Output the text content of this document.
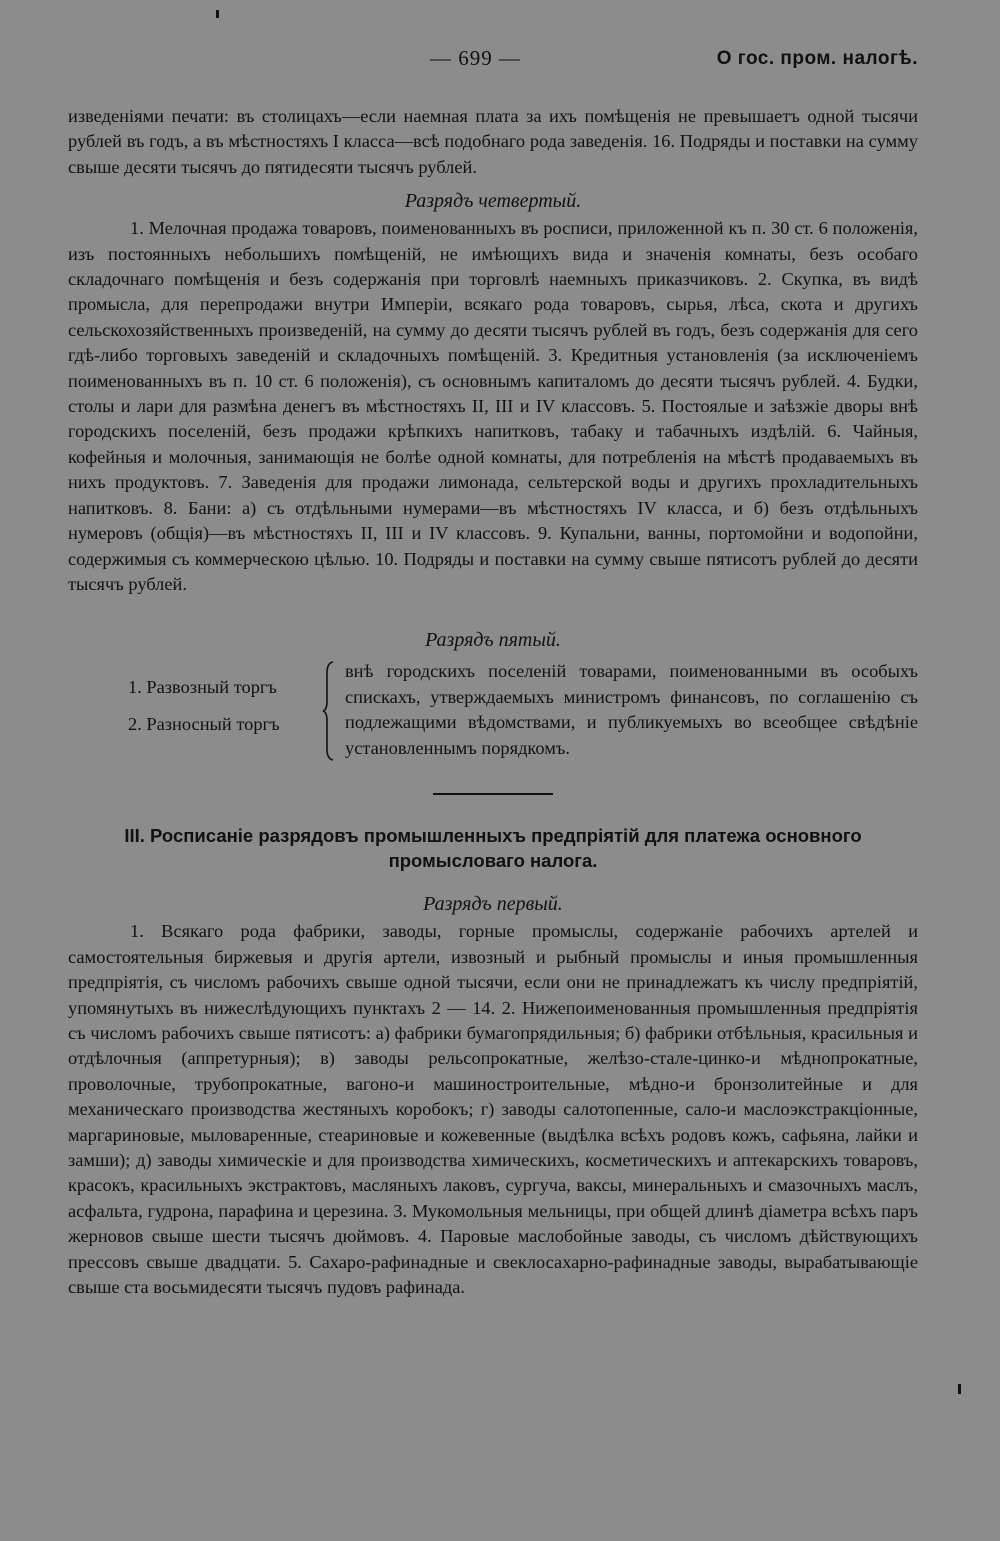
— 699 —	О гос. пром. налогѣ.

изведеніями печати: въ столицахъ—если наемная плата за ихъ помѣщенія не превышаетъ одной тысячи рублей въ годъ, а въ мѣстностяхъ I класса—всѣ подобнаго рода заведенія. 16. Подряды и поставки на сумму свыше десяти тысячъ до пятидесяти тысячъ рублей.

Разрядъ четвертый.

1. Мелочная продажа товаровъ, поименованныхъ въ росписи, приложенной къ п. 30 ст. 6 положенія, изъ постоянныхъ небольшихъ помѣщеній, не имѣющихъ вида и значенія комнаты, безъ особаго складочнаго помѣщенія и безъ содержанія при торговлѣ наемныхъ приказчиковъ. 2. Скупка, въ видѣ промысла, для перепродажи внутри Имперіи, всякаго рода товаровъ, сырья, лѣса, скота и другихъ сельскохозяйственныхъ произведеній, на сумму до десяти тысячъ рублей въ годъ, безъ содержанія для сего гдѣ-либо торговыхъ заведеній и складочныхъ помѣщеній. 3. Кредитныя установленія (за исключеніемъ поименованныхъ въ п. 10 ст. 6 положенія), съ основнымъ капиталомъ до десяти тысячъ рублей. 4. Будки, столы и лари для размѣна денегъ въ мѣстностяхъ II, III и IV классовъ. 5. Постоялые и заѣзжіе дворы внѣ городскихъ поселеній, безъ продажи крѣпкихъ напитковъ, табаку и табачныхъ издѣлій. 6. Чайныя, кофейныя и молочныя, занимающія не болѣе одной комнаты, для потребленія на мѣстѣ продаваемыхъ въ нихъ продуктовъ. 7. Заведенія для продажи лимонада, сельтерской воды и другихъ прохладительныхъ напитковъ. 8. Бани: а) съ отдѣльными нумерами—въ мѣстностяхъ IV класса, и б) безъ отдѣльныхъ нумеровъ (общія)—въ мѣстностяхъ II, III и IV классовъ. 9. Купальни, ванны, портомойни и водопойни, содержимыя съ коммерческою цѣлью. 10. Подряды и поставки на сумму свыше пятисотъ рублей до десяти тысячъ рублей.

Разрядъ пятый.
1. Развозный торгъ
2. Разносный торгъ

внѣ городскихъ поселеній товарами, поименованными въ особыхъ спискахъ, утверждаемыхъ министромъ финансовъ, по соглашенію съ подлежащими вѣдомствами, и публикуемыхъ во всеобщее свѣдѣніе установленнымъ порядкомъ.

III. Росписаніе разрядовъ промышленныхъ предпріятій для платежа основного промысловаго налога.
Разрядъ первый.

1. Всякаго рода фабрики, заводы, горные промыслы, содержаніе рабочихъ артелей и самостоятельныя биржевыя и другія артели, извозный и рыбный промыслы и иныя промышленныя предпріятія, съ числомъ рабочихъ свыше одной тысячи, если они не принадлежатъ къ числу предпріятій, упомянутыхъ въ нижеслѣдующихъ пунктахъ 2 — 14. 2. Нижепоименованныя промышленныя предпріятія съ числомъ рабочихъ свыше пятисотъ: а) фабрики бумагопрядильныя; б) фабрики отбѣльныя, красильныя и отдѣлочныя (аппретурныя); в) заводы рельсопрокатные, желѣзо-стале-цинко-и мѣднопрокатные, проволочные, трубопрокатные, вагоно-и машиностроительные, мѣдно-и бронзолитейные и для механическаго производства жестяныхъ коробокъ; г) заводы салотопенные, сало-и маслоэкстракціонные, маргариновые, мыловаренные, стеариновые и кожевенные (выдѣлка всѣхъ родовъ кожъ, сафьяна, лайки и замши); д) заводы химическіе и для производства химическихъ, косметическихъ и аптекарскихъ товаровъ, красокъ, красильныхъ экстрактовъ, масляныхъ лаковъ, сургуча, ваксы, минеральныхъ и смазочныхъ маслъ, асфальта, гудрона, парафина и церезина. 3. Мукомольныя мельницы, при общей длинѣ діаметра всѣхъ паръ жерновов свыше шести тысячъ дюймовъ. 4. Паровые маслобойные заводы, съ числомъ дѣйствующихъ прессовъ свыше двадцати. 5. Сахаро-рафинадные и свеклосахарно-рафинадные заводы, вырабатывающіе свыше ста восьмидесяти тысячъ пудовъ рафинада.
